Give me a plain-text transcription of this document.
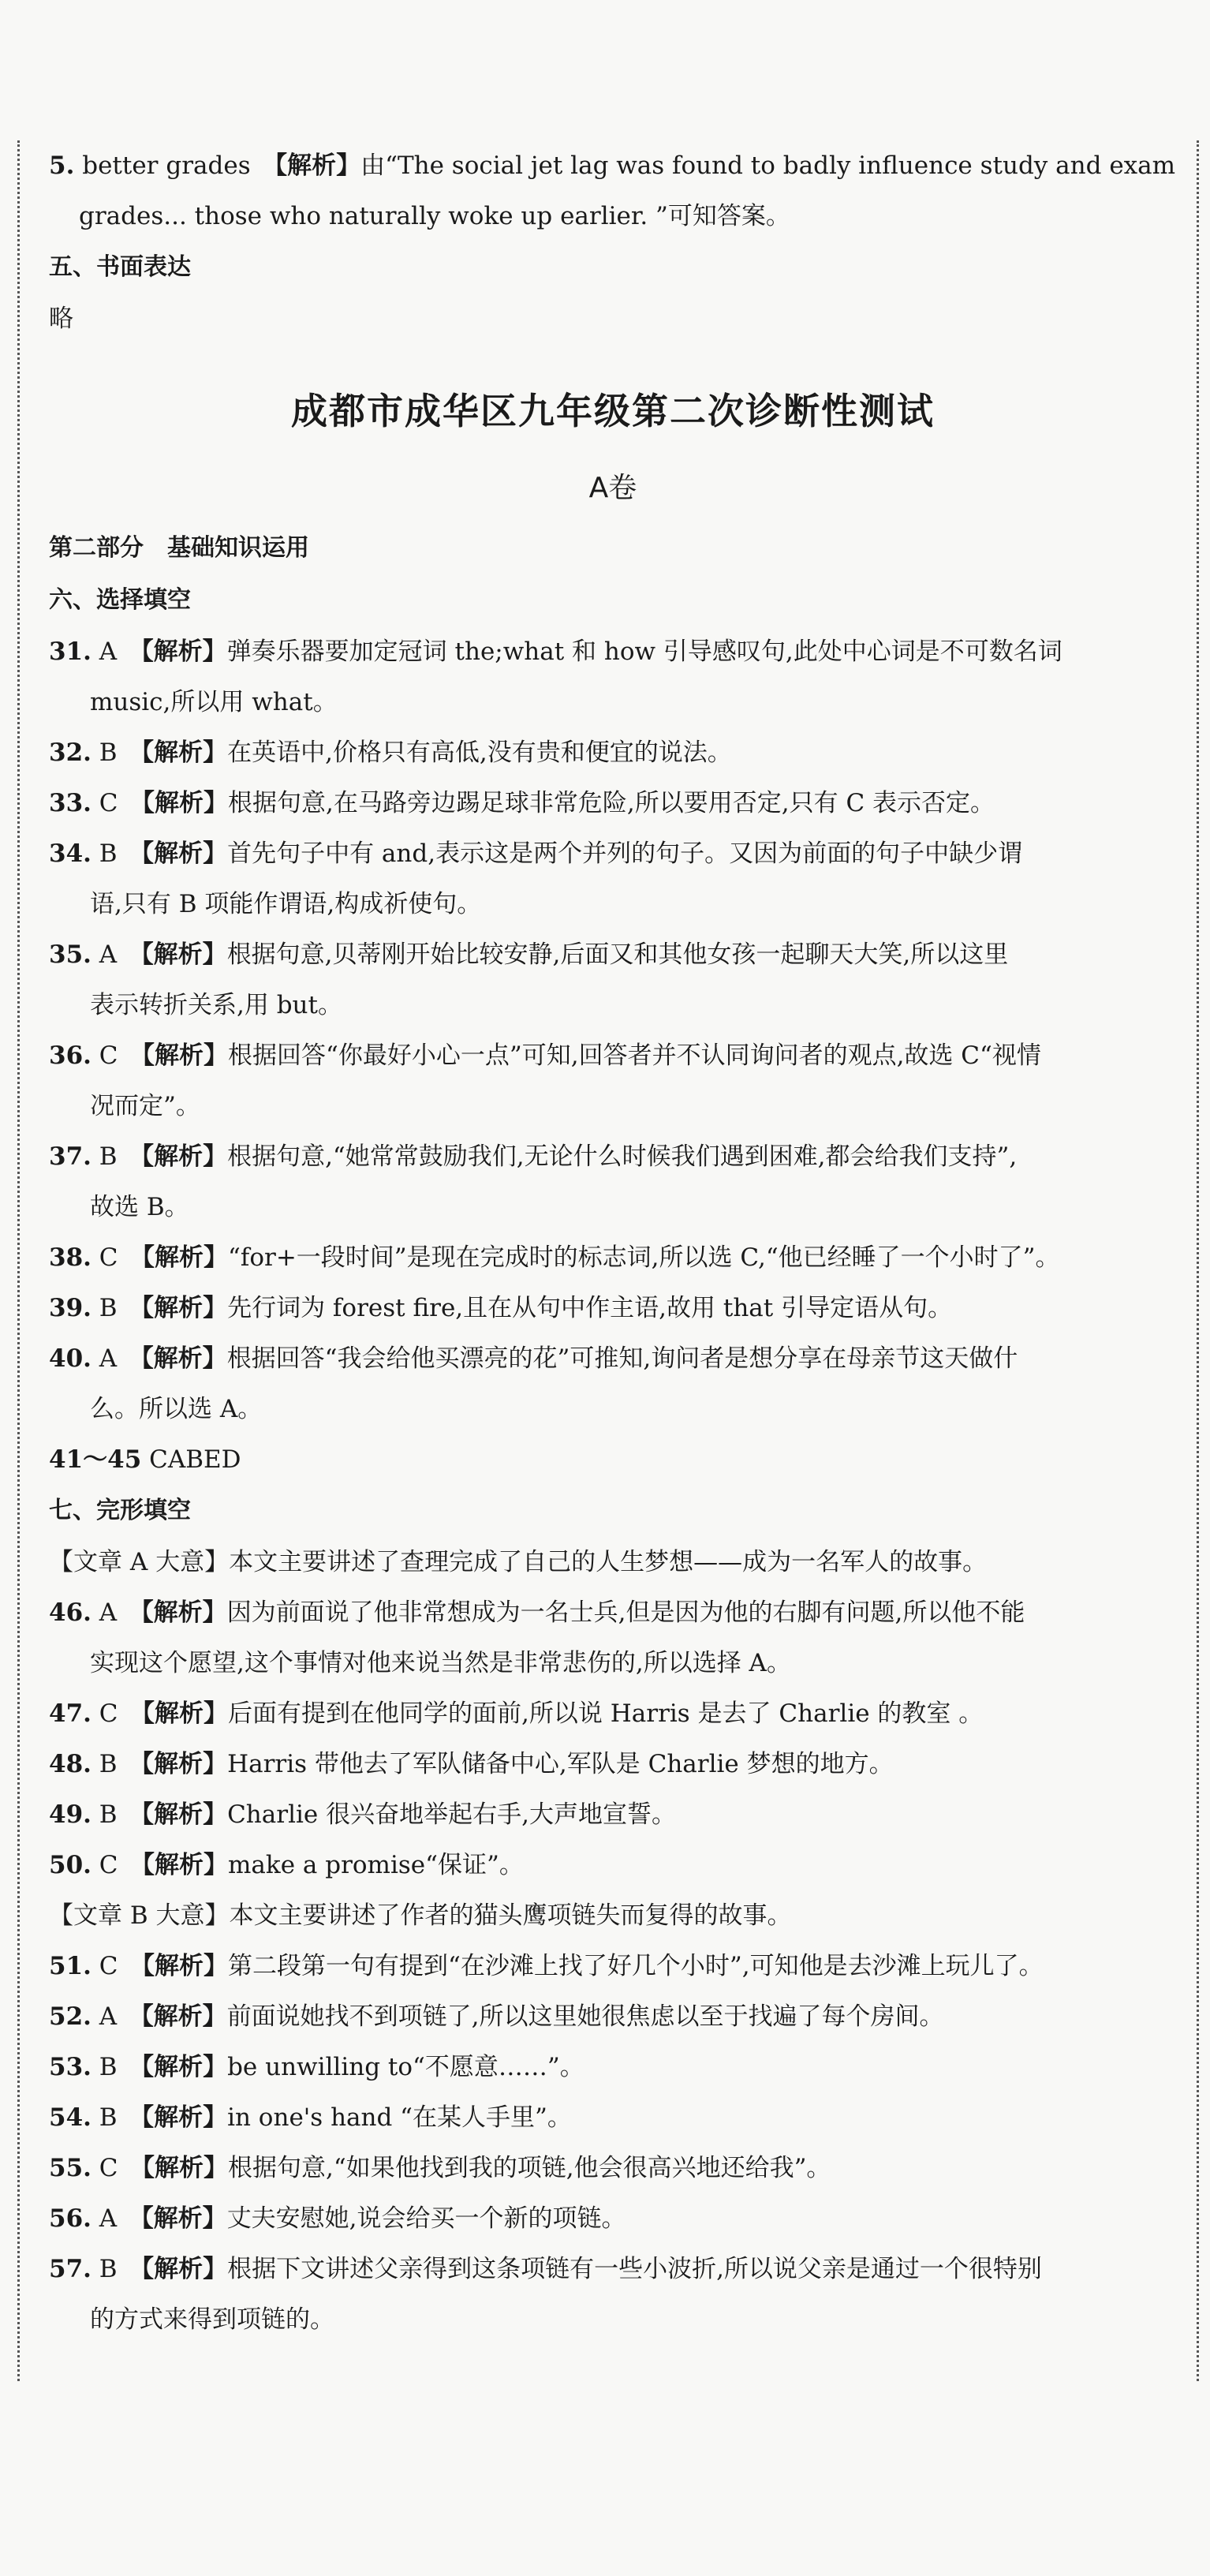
5. better grades　 【解析】由“The social jet lag was found to badly influence study and exam
grades... those who naturally woke up earlier. ”可知答案。
五、书面表达
略
成都市成华区九年级第二次诊断性测试
A卷
第二部分　基础知识运用
六、选择填空
31. A　 【解析】弹奏乐器要加定冠词 the;what 和 how 引导感叹句,此处中心词是不可数名词
music,所以用 what。
32. B　 【解析】在英语中,价格只有高低,没有贵和便宜的说法。
33. C　 【解析】根据句意,在马路旁边踢足球非常危险,所以要用否定,只有 C 表示否定。
34. B　 【解析】首先句子中有 and,表示这是两个并列的句子。又因为前面的句子中缺少谓
语,只有 B 项能作谓语,构成祈使句。
35. A　 【解析】根据句意,贝蒂刚开始比较安静,后面又和其他女孩一起聊天大笑,所以这里
表示转折关系,用 but。
36. C　 【解析】根据回答“你最好小心一点”可知,回答者并不认同询问者的观点,故选 C“视情
况而定”。
37. B　 【解析】根据句意,“她常常鼓励我们,无论什么时候我们遇到困难,都会给我们支持”,
故选 B。
38. C　 【解析】“for+一段时间”是现在完成时的标志词,所以选 C,“他已经睡了一个小时了”。
39. B　 【解析】先行词为 forest fire,且在从句中作主语,故用 that 引导定语从句。
40. A　 【解析】根据回答“我会给他买漂亮的花”可推知,询问者是想分享在母亲节这天做什
么。所以选 A。
41～45 CABED
七、完形填空
【文章 A 大意】本文主要讲述了查理完成了自己的人生梦想——成为一名军人的故事。
46. A　 【解析】因为前面说了他非常想成为一名士兵,但是因为他的右脚有问题,所以他不能
实现这个愿望,这个事情对他来说当然是非常悲伤的,所以选择 A。
47. C　 【解析】后面有提到在他同学的面前,所以说 Harris 是去了 Charlie 的教室 。
48. B　 【解析】Harris 带他去了军队储备中心,军队是 Charlie 梦想的地方。
49. B　 【解析】Charlie 很兴奋地举起右手,大声地宣誓。
50. C　 【解析】make a promise“保证”。
【文章 B 大意】本文主要讲述了作者的猫头鹰项链失而复得的故事。
51. C　 【解析】第二段第一句有提到“在沙滩上找了好几个小时”,可知他是去沙滩上玩儿了。
52. A　 【解析】前面说她找不到项链了,所以这里她很焦虑以至于找遍了每个房间。
53. B　 【解析】be unwilling to“不愿意……”。
54. B　 【解析】in one's hand “在某人手里”。
55. C　 【解析】根据句意,“如果他找到我的项链,他会很高兴地还给我”。
56. A　 【解析】丈夫安慰她,说会给买一个新的项链。
57. B　 【解析】根据下文讲述父亲得到这条项链有一些小波折,所以说父亲是通过一个很特别
的方式来得到项链的。
